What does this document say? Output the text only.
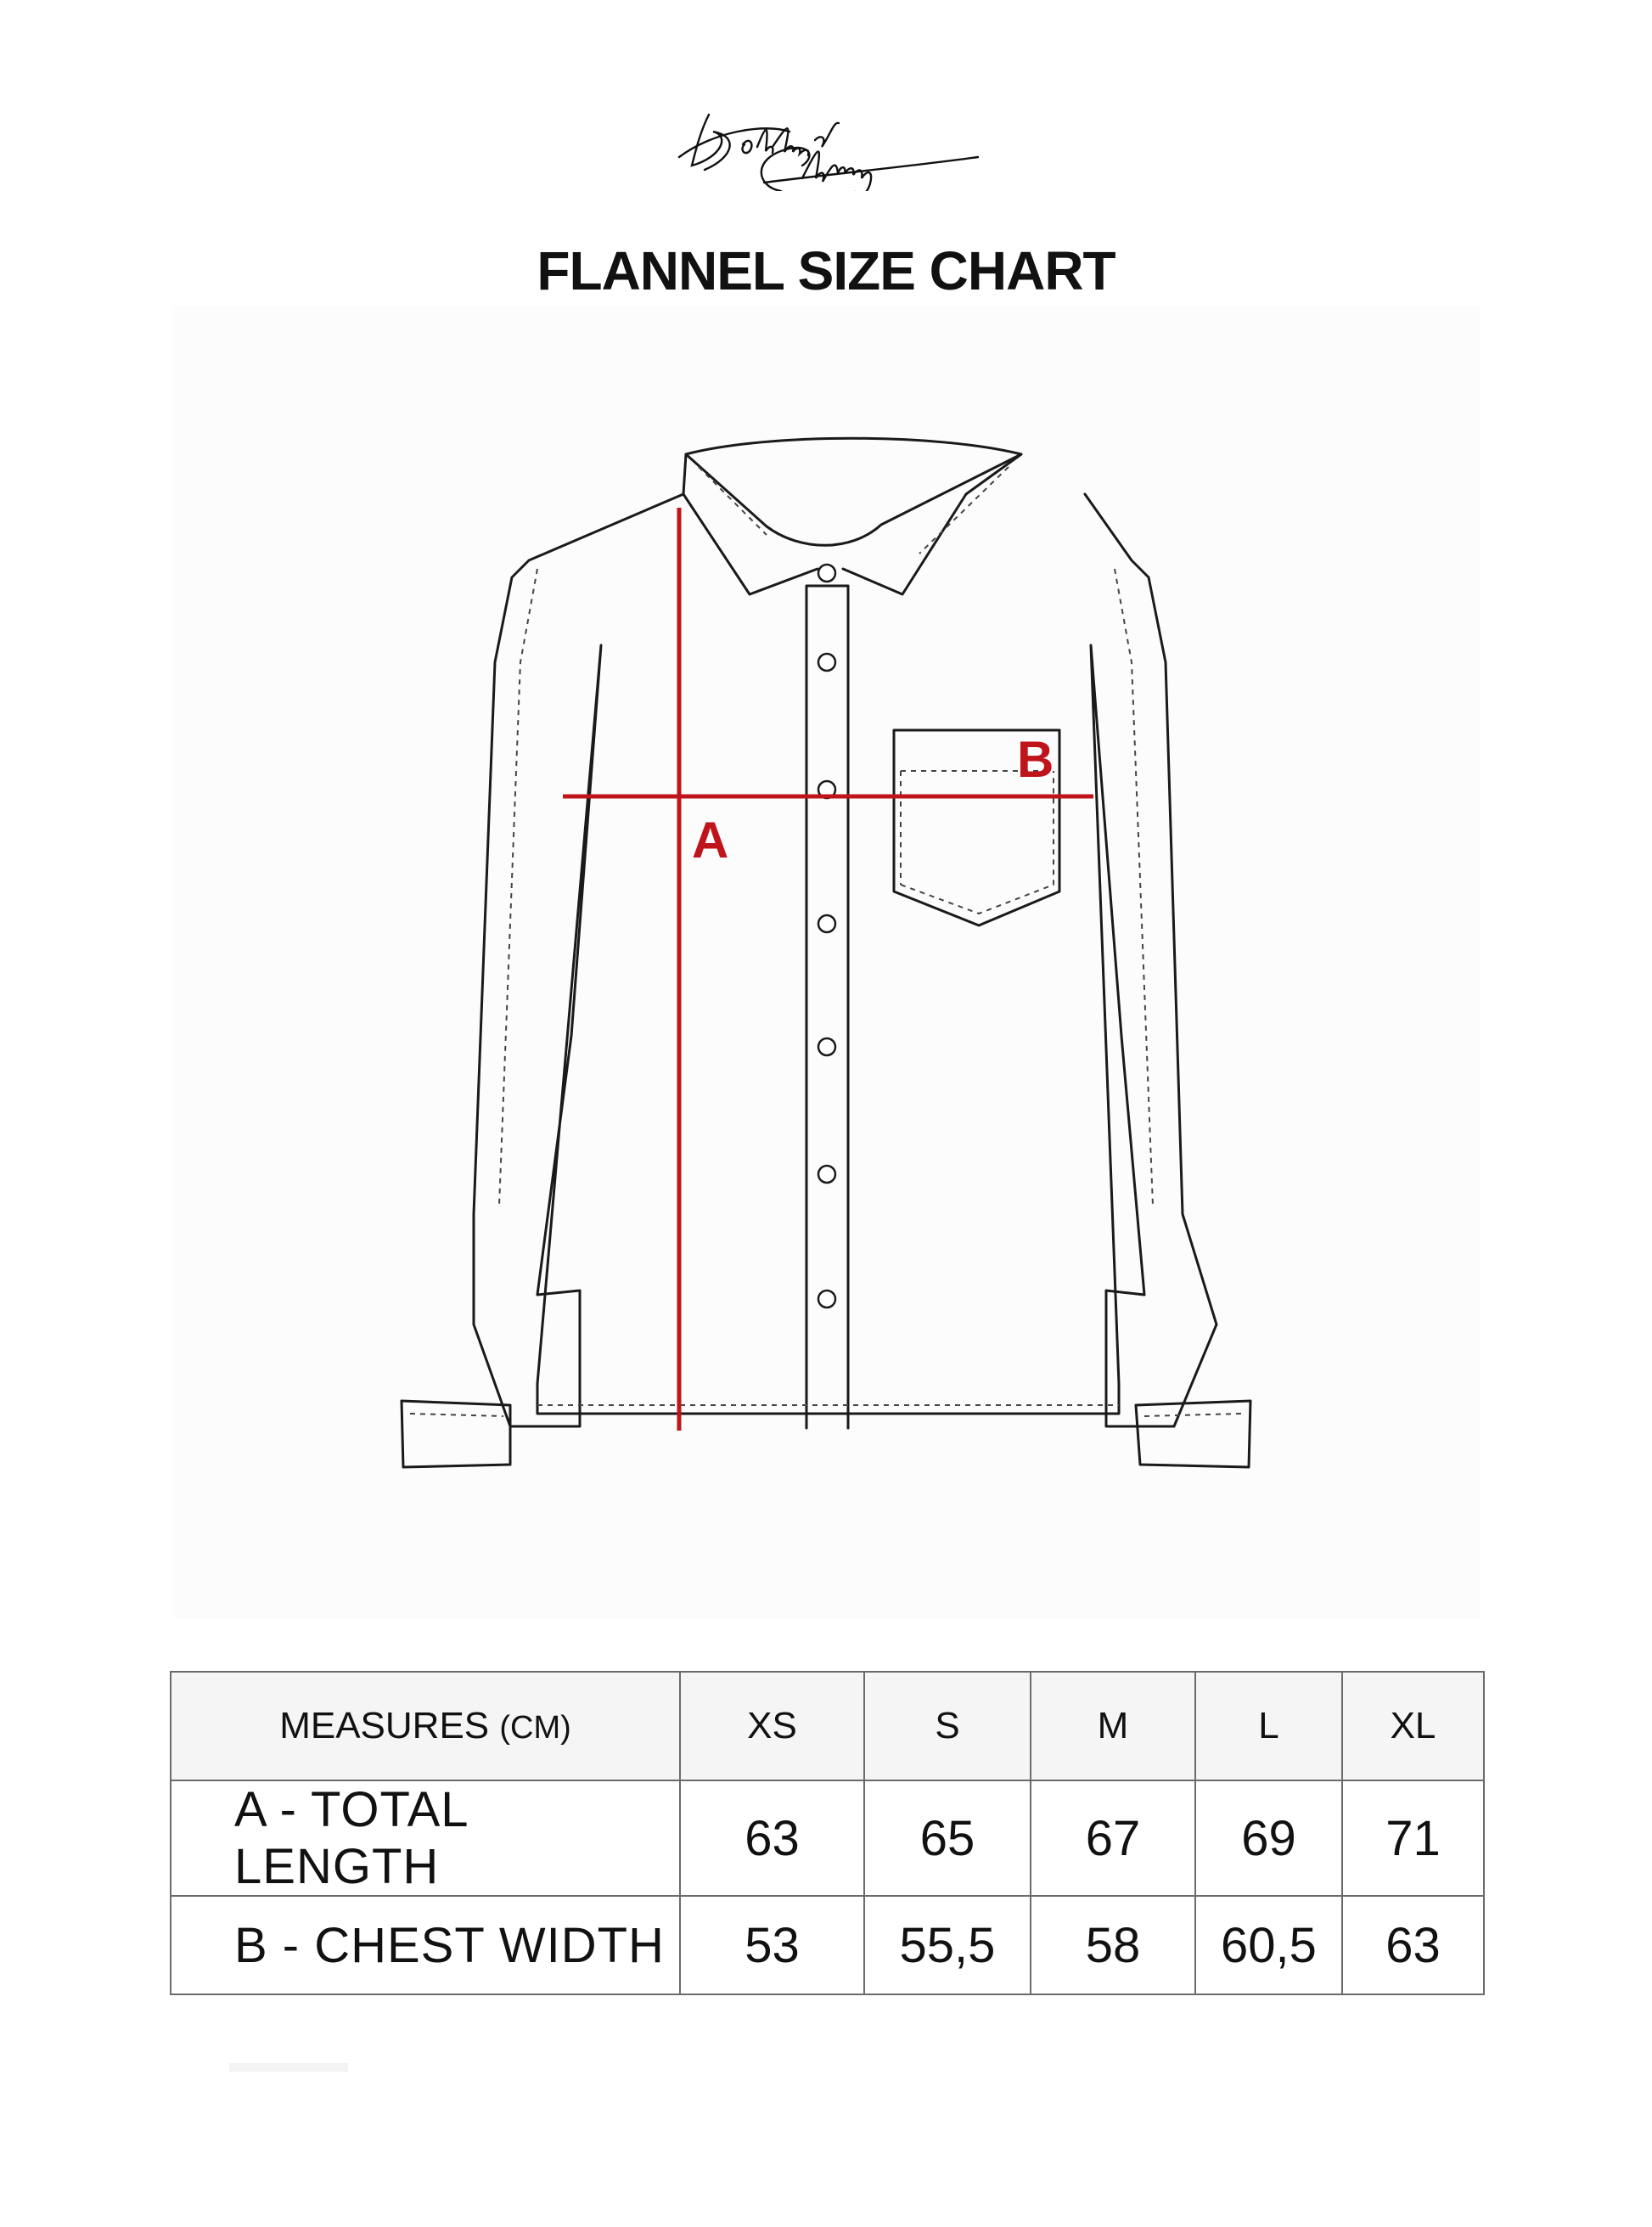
FLANNEL SIZE CHART
A
B
MEASURES (CM)	XS	S	M	L	XL
A - TOTAL LENGTH	63	65	67	69	71
B - CHEST WIDTH	53	55,5	58	60,5	63
